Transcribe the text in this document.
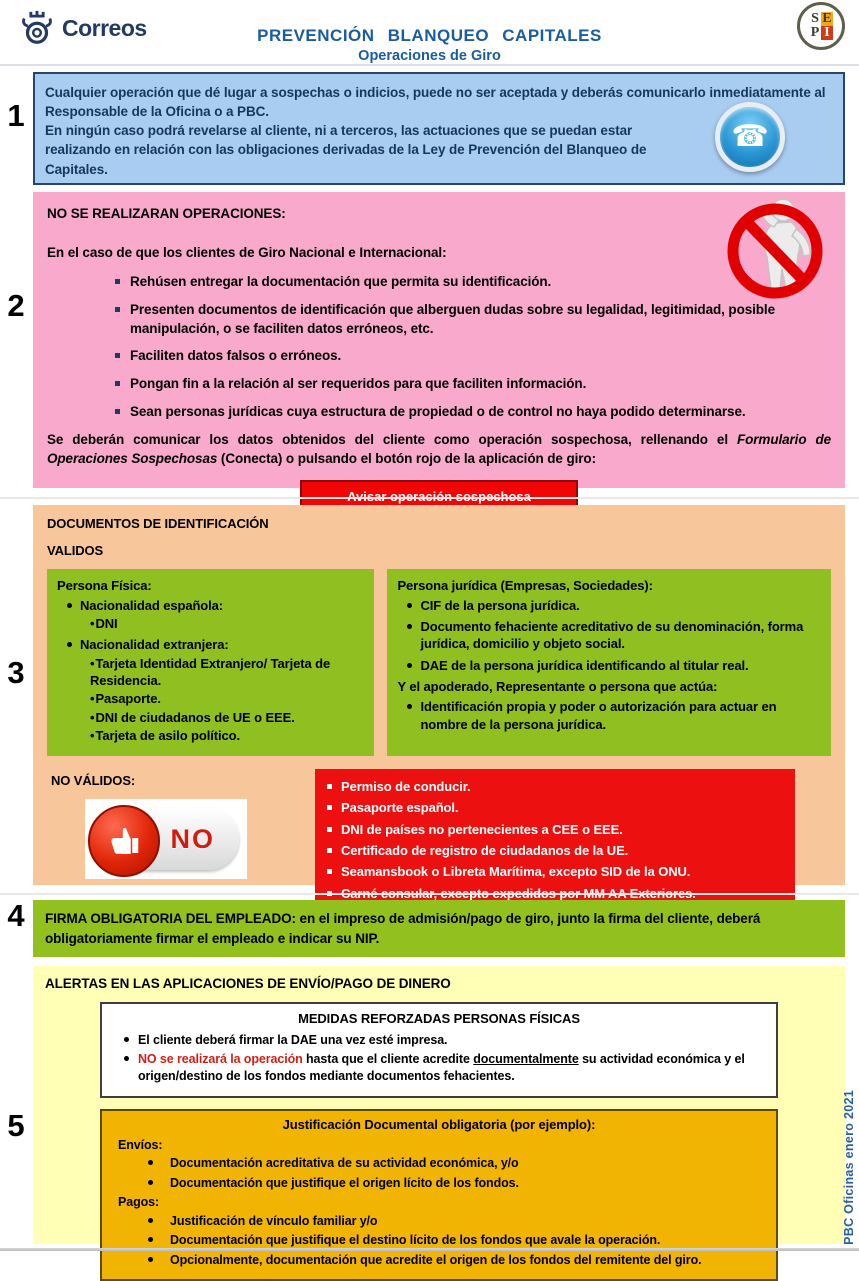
Correos	PREVENCIÓN BLANQUEO CAPITALES
Operaciones de Giro
S E
P I
1

Cualquier operación que dé lugar a sospechas o indicios, puede no ser aceptada y deberás comunicarlo inmediatamente al Responsable de la Oficina o a PBC.

En ningún caso podrá revelarse al cliente, ni a terceros, las actuaciones que se puedan estar realizando en relación con las obligaciones derivadas de la Ley de Prevención del Blanqueo de Capitales.

☎
2

NO SE REALIZARAN OPERACIONES:

En el caso de que los clientes de Giro Nacional e Internacional:

Rehúsen entregar la documentación que permita su identificación.
Presenten documentos de identificación que alberguen dudas sobre su legalidad, legitimidad, posible manipulación, o se faciliten datos erróneos, etc.
Faciliten datos falsos o erróneos.
Pongan fin a la relación al ser requeridos para que faciliten información.
Sean personas jurídicas cuya estructura de propiedad o de control no haya podido determinarse.

Se deberán comunicar los datos obtenidos del cliente como operación sospechosa, rellenando el Formulario de Operaciones Sospechosas (Conecta) o pulsando el botón rojo de la aplicación de giro:

3

DOCUMENTOS DE IDENTIFICACIÓN

VALIDOS

Persona Física:

Nacionalidad española:
• DNI
Nacionalidad extranjera:
• Tarjeta Identidad Extranjero/ Tarjeta de Residencia.
• Pasaporte.
• DNI de ciudadanos de UE o EEE.
• Tarjeta de asilo político.

Persona jurídica (Empresas, Sociedades):

CIF de la persona jurídica.
Documento fehaciente acreditativo de su denominación, forma jurídica, domicilio y objeto social.
DAE de la persona jurídica identificando al titular real.

Y el apoderado, Representante o persona que actúa:

Identificación propia y poder o autorización para actuar en nombre de la persona jurídica.

NO VÁLIDOS:

NO
Permiso de conducir.
Pasaporte español.
DNI de países no pertenecientes a CEE o EEE.
Certificado de registro de ciudadanos de la UE.
Seamansbook o Libreta Marítima, excepto SID de la ONU.
4	FIRMA OBLIGATORIA DEL EMPLEADO: en el impreso de admisión/pago de giro, junto la firma del cliente, deberá obligatoriamente firmar el empleado e indicar su NIP.

5

ALERTAS EN LAS APLICACIONES DE ENVÍO/PAGO DE DINERO

MEDIDAS REFORZADAS PERSONAS FÍSICAS

El cliente deberá firmar la DAE una vez esté impresa.
NO se realizará la operación hasta que el cliente acredite documentalmente su actividad económica y el origen/destino de los fondos mediante documentos fehacientes.

Justificación Documental obligatoria (por ejemplo):

Envíos:

Documentación acreditativa de su actividad económica, y/o
Documentación que justifique el origen lícito de los fondos.

Pagos:

Justificación de vínculo familiar y/o
Documentación que justifique el destino lícito de los fondos que avale la operación.
Opcionalmente, documentación que acredite el origen de los fondos del remitente del giro.
PBC Oficinas enero 2021
